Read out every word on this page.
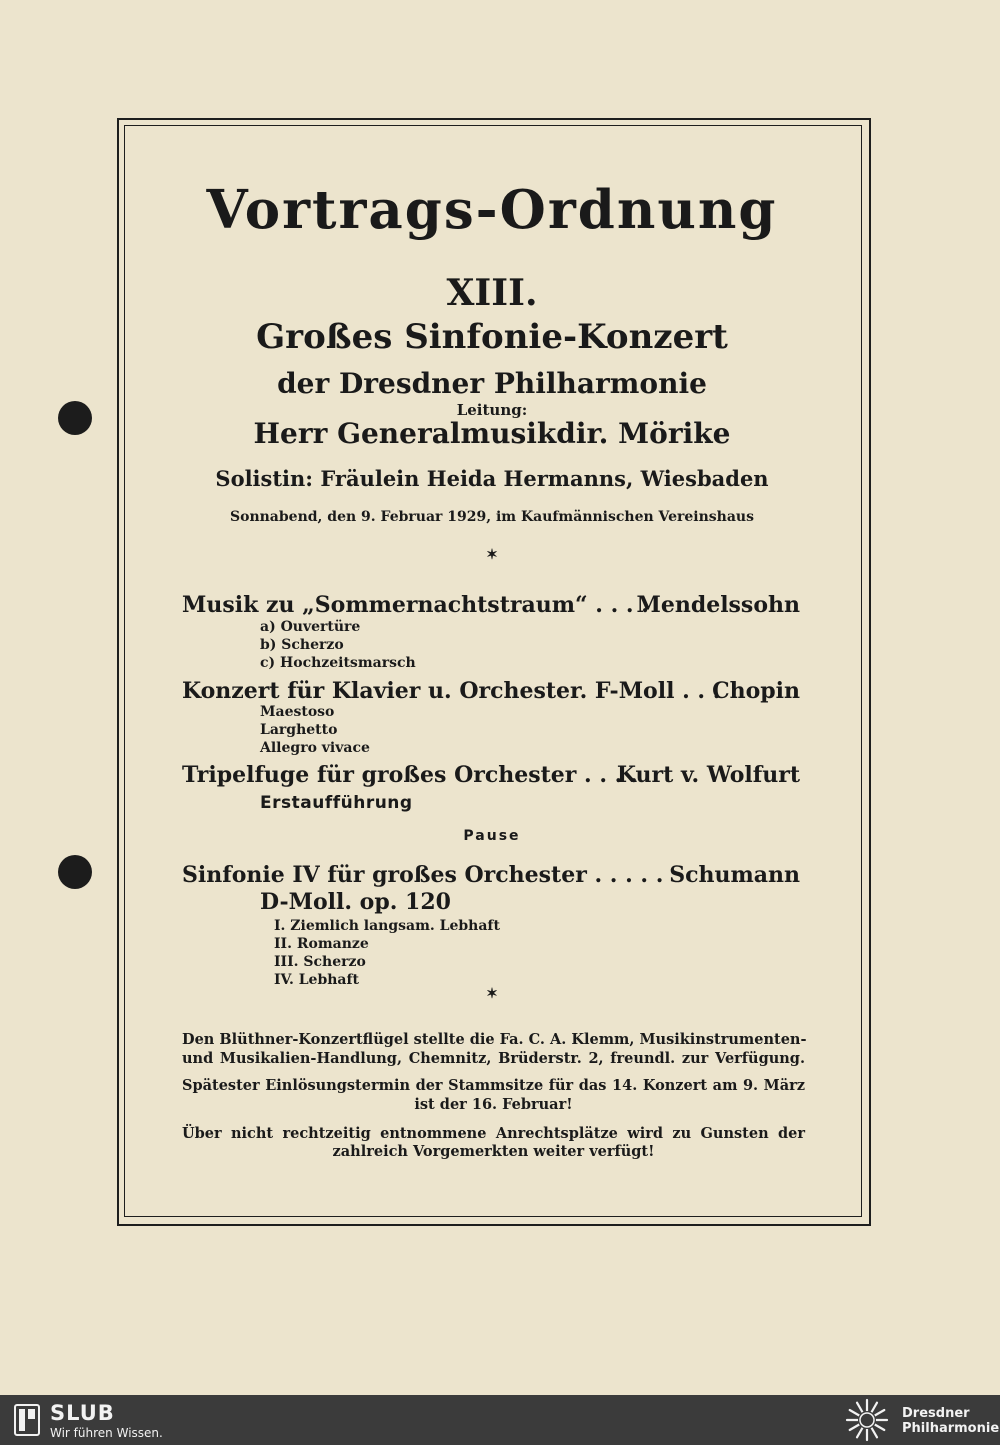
Vortrags-Ordnung
XIII.
Großes Sinfonie-Konzert
der Dresdner Philharmonie
Leitung:
Herr Generalmusikdir. Mörike
Solistin: Fräulein Heida Hermanns, Wiesbaden
Sonnabend, den 9. Februar 1929, im Kaufmännischen Vereinshaus
✶
Musik zu „Sommernachtstraum“ . . . .
Mendelssohn
a) Ouvertüre
b) Scherzo
c) Hochzeitsmarsch
Konzert für Klavier u. Orchester. F-Moll . . .
Chopin
Maestoso
Larghetto
Allegro vivace
Tripelfuge für großes Orchester . . . .
Kurt v. Wolfurt
Erstaufführung
Pause
Sinfonie IV für großes Orchester . . . . . Schumann
D-Moll. op. 120
I. Ziemlich langsam. Lebhaft
II. Romanze
III. Scherzo
IV. Lebhaft
✶
Den Blüthner-Konzertflügel stellte die Fa. C. A. Klemm, Musikinstrumenten-
und Musikalien-Handlung, Chemnitz, Brüderstr. 2, freundl. zur Verfügung.
Spätester Einlösungstermin der Stammsitze für das 14. Konzert am 9. März
ist der 16. Februar!
Über nicht rechtzeitig entnommene Anrechtsplätze wird zu Gunsten der
zahlreich Vorgemerkten weiter verfügt!
SLUB
Wir führen Wissen.
Dresdner
Philharmonie
